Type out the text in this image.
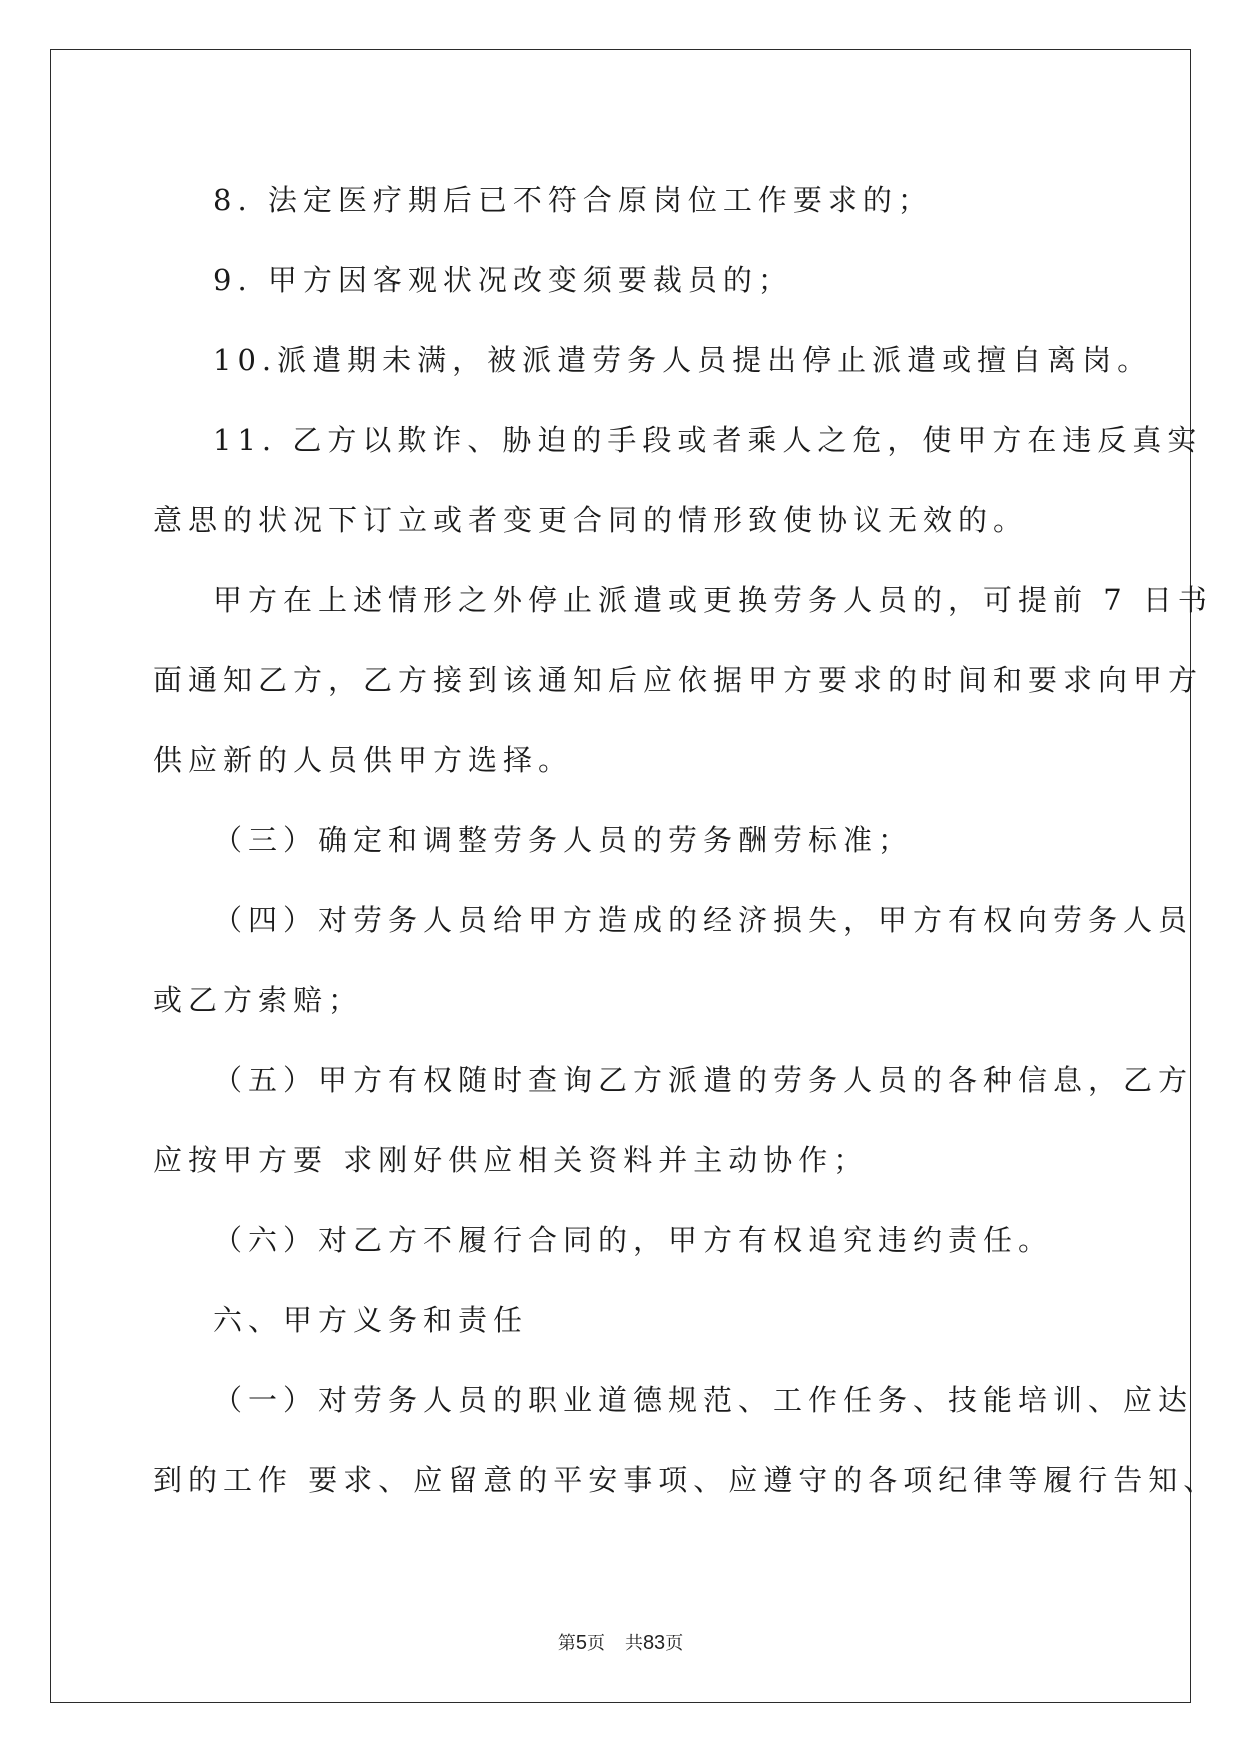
8. 法定医疗期后已不符合原岗位工作要求的；
9. 甲方因客观状况改变须要裁员的；
10.派遣期未满，被派遣劳务人员提出停止派遣或擅自离岗。
11. 乙方以欺诈、胁迫的手段或者乘人之危，使甲方在违反真实
意思的状况下订立或者变更合同的情形致使协议无效的。
甲方在上述情形之外停止派遣或更换劳务人员的，可提前 7 日书
面通知乙方，乙方接到该通知后应依据甲方要求的时间和要求向甲方
供应新的人员供甲方选择。
（三）确定和调整劳务人员的劳务酬劳标准；
（四）对劳务人员给甲方造成的经济损失，甲方有权向劳务人员
或乙方索赔；
（五）甲方有权随时查询乙方派遣的劳务人员的各种信息，乙方
应按甲方要 求刚好供应相关资料并主动协作；
（六）对乙方不履行合同的，甲方有权追究违约责任。
六、甲方义务和责任
（一）对劳务人员的职业道德规范、工作任务、技能培训、应达
到的工作 要求、应留意的平安事项、应遵守的各项纪律等履行告知、
第5页 共83页
